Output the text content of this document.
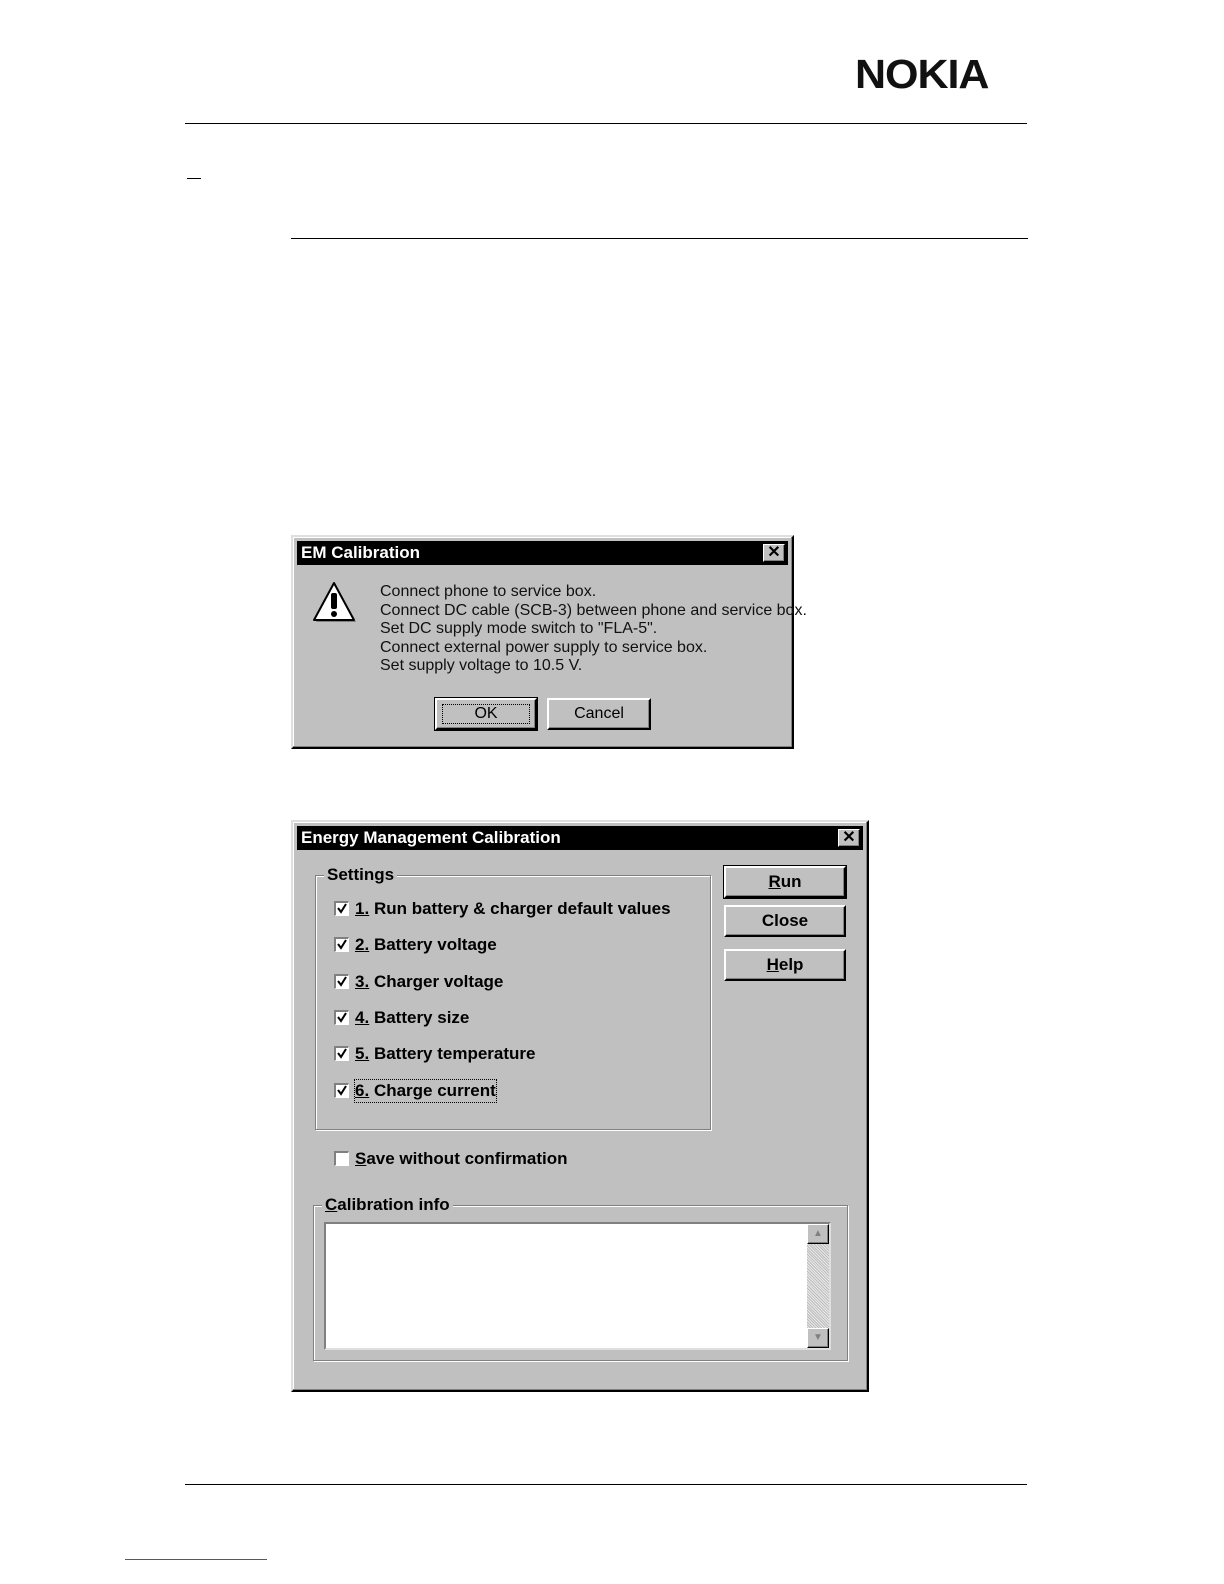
NOKIA
EM Calibration	✕
Connect phone to service box.
Connect DC cable (SCB-3) between phone and service box.
Set DC supply mode switch to "FLA-5".
Connect external power supply to service box.
Set supply voltage to 10.5 V.
OK	Cancel
Energy Management Calibration	✕
Settings
1. Run battery & charger default values
2. Battery voltage
3. Charger voltage
4. Battery size
5. Battery temperature
6. Charge current
Run
Close
Help
Save without confirmation
Calibration info
▲
▼
